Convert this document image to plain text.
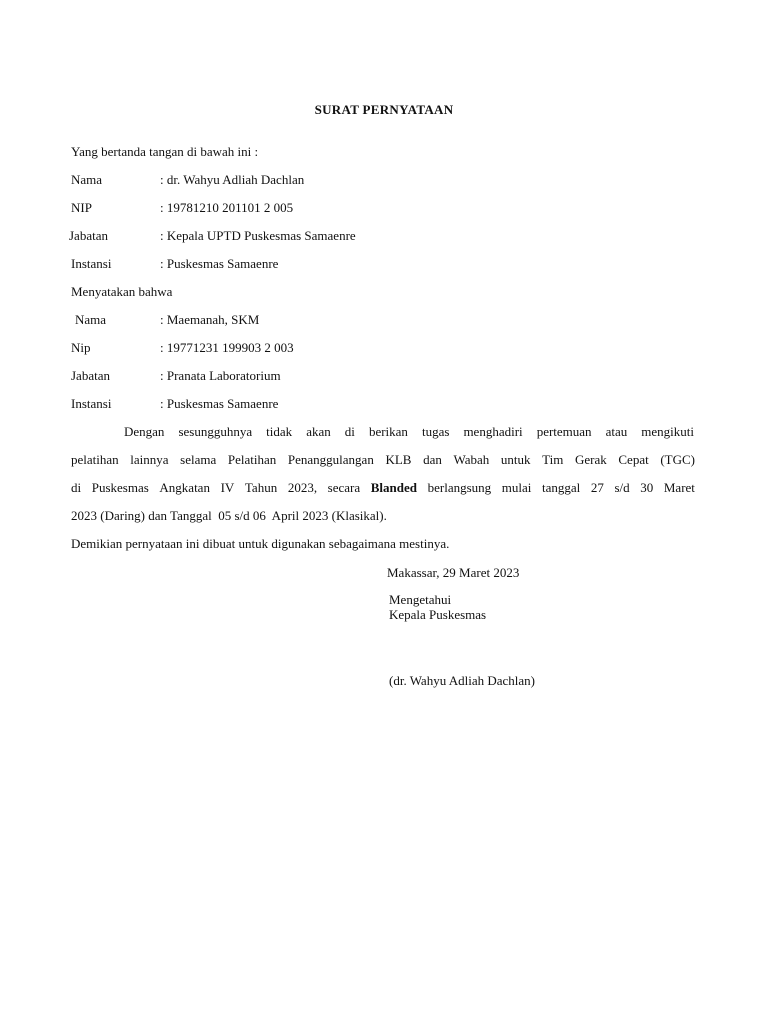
SURAT PERNYATAAN
Yang bertanda tangan di bawah ini :
Nama	: dr. Wahyu Adliah Dachlan
NIP	: 19781210 201101 2 005
Jabatan	: Kepala UPTD Puskesmas Samaenre
Instansi	: Puskesmas Samaenre
Menyatakan bahwa
Nama	: Maemanah, SKM
Nip	: 19771231 199903 2 003
Jabatan	: Pranata Laboratorium
Instansi	: Puskesmas Samaenre
Dengan sesungguhnya tidak akan di berikan tugas menghadiri pertemuan atau mengikuti
pelatihan lainnya selama Pelatihan Penanggulangan KLB dan Wabah untuk Tim Gerak Cepat (TGC)
di Puskesmas Angkatan IV Tahun 2023, secara Blanded berlangsung mulai tanggal 27 s/d 30 Maret
2023 (Daring) dan Tanggal  05 s/d 06  April 2023 (Klasikal).
Demikian pernyataan ini dibuat untuk digunakan sebagaimana mestinya.
Makassar, 29 Maret 2023
Mengetahui
Kepala Puskesmas
(dr. Wahyu Adliah Dachlan)
